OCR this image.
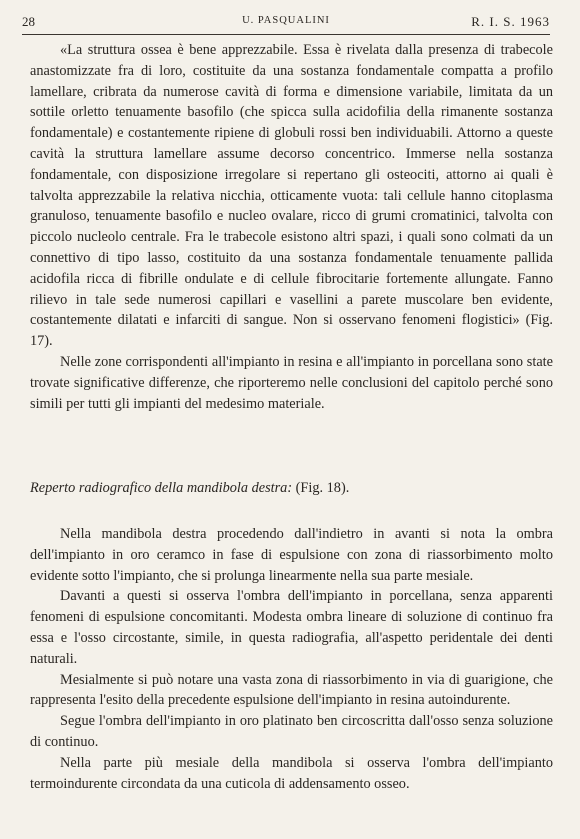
28	U. PASQUALINI	R. I. S. 1963

«La struttura ossea è bene apprezzabile. Essa è rivelata dalla presenza di trabecole anastomizzate fra di loro, costituite da una sostanza fondamentale compatta a profilo lamellare, cribrata da numerose cavità di forma e dimensione variabile, limitata da un sottile orletto tenuamente basofilo (che spicca sulla acidofilia della rimanente sostanza fondamentale) e costantemente ripiene di globuli rossi ben individuabili. Attorno a queste cavità la struttura lamellare assume decorso concentrico. Immerse nella sostanza fondamentale, con disposizione irregolare si repertano gli osteociti, attorno ai quali è talvolta apprezzabile la relativa nicchia, otticamente vuota: tali cellule hanno citoplasma granuloso, tenuamente basofilo e nucleo ovalare, ricco di grumi cromatinici, talvolta con piccolo nucleolo centrale. Fra le trabecole esistono altri spazi, i quali sono colmati da un connettivo di tipo lasso, costituito da una sostanza fondamentale tenuamente pallida acidofila ricca di fibrille ondulate e di cellule fibrocitarie fortemente allungate. Fanno rilievo in tale sede numerosi capillari e vasellini a parete muscolare ben evidente, costantemente dilatati e infarciti di sangue. Non si osservano fenomeni flogistici» (Fig. 17).

Nelle zone corrispondenti all'impianto in resina e all'impianto in porcellana sono state trovate significative differenze, che riporteremo nelle conclusioni del capitolo perché sono simili per tutti gli impianti del medesimo materiale.

Reperto radiografico della mandibola destra: (Fig. 18).

Nella mandibola destra procedendo dall'indietro in avanti si nota la ombra dell'impianto in oro ceramco in fase di espulsione con zona di riassorbimento molto evidente sotto l'impianto, che si prolunga linearmente nella sua parte mesiale.

Davanti a questi si osserva l'ombra dell'impianto in porcellana, senza apparenti fenomeni di espulsione concomitanti. Modesta ombra lineare di soluzione di continuo fra essa e l'osso circostante, simile, in questa radiografia, all'aspetto peridentale dei denti naturali.

Mesialmente si può notare una vasta zona di riassorbimento in via di guarigione, che rappresenta l'esito della precedente espulsione dell'impianto in resina autoindurente.

Segue l'ombra dell'impianto in oro platinato ben circoscritta dall'osso senza soluzione di continuo.

Nella parte più mesiale della mandibola si osserva l'ombra dell'impianto termoindurente circondata da una cuticola di addensamento osseo.
